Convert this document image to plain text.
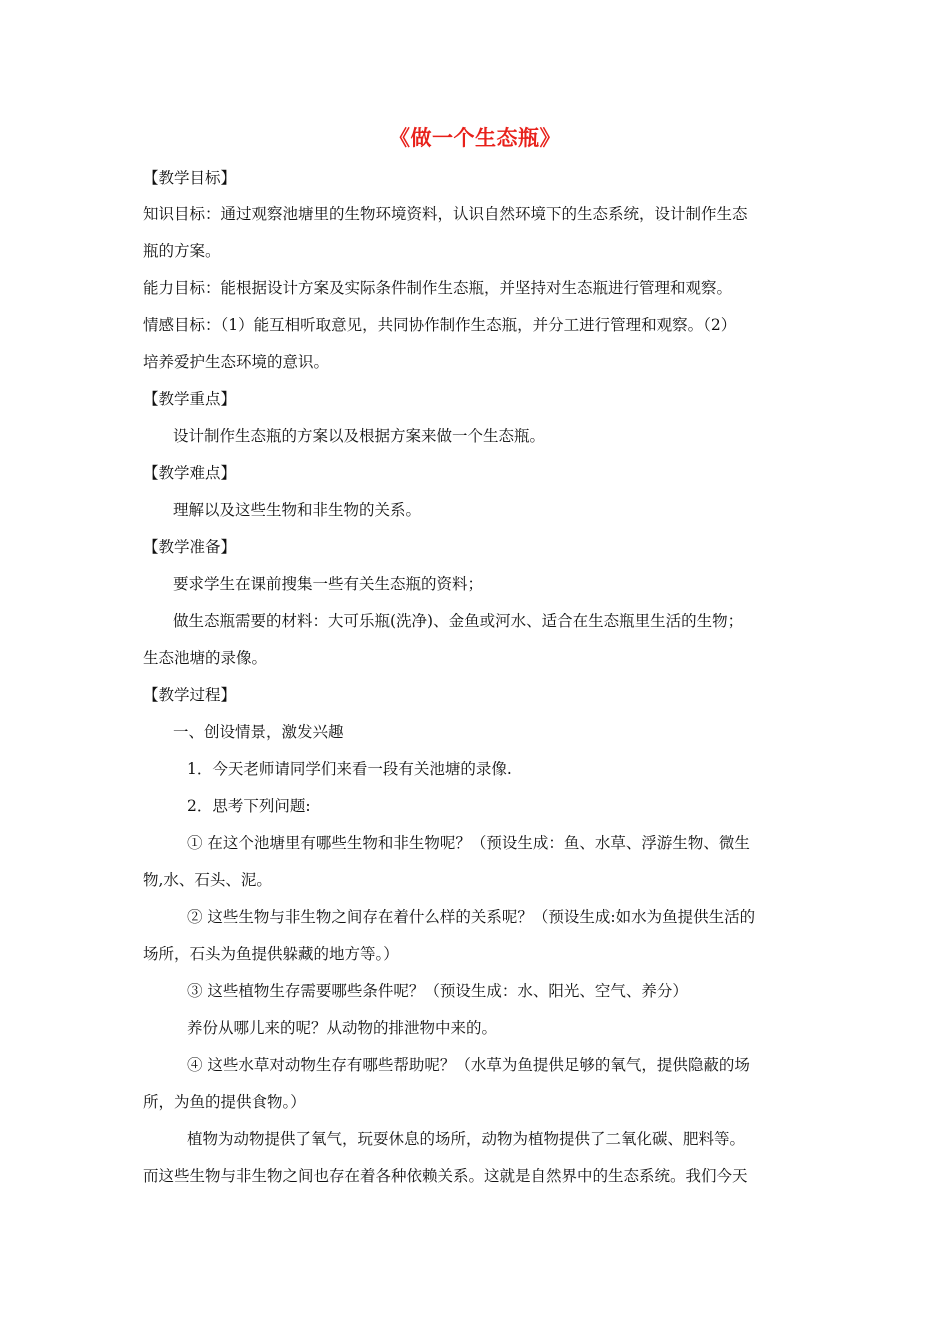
《做一个生态瓶》

【教学目标】

知识目标：通过观察池塘里的生物环境资料，认识自然环境下的生态系统，设计制作生态

瓶的方案。

能力目标：能根据设计方案及实际条件制作生态瓶，并坚持对生态瓶进行管理和观察。

情感目标：（1）能互相听取意见，共同协作制作生态瓶，并分工进行管理和观察。（2）

培养爱护生态环境的意识。

【教学重点】

设计制作生态瓶的方案以及根据方案来做一个生态瓶。

【教学难点】

理解以及这些生物和非生物的关系。

【教学准备】

要求学生在课前搜集一些有关生态瓶的资料；

做生态瓶需要的材料：大可乐瓶(洗净)、金鱼或河水、适合在生态瓶里生活的生物；

生态池塘的录像。

【教学过程】

一、创设情景，激发兴趣

1．今天老师请同学们来看一段有关池塘的录像.

2．思考下列问题:

① 在这个池塘里有哪些生物和非生物呢？（预设生成：鱼、水草、浮游生物、微生

物,水、石头、泥。

② 这些生物与非生物之间存在着什么样的关系呢？（预设生成:如水为鱼提供生活的

场所，石头为鱼提供躲藏的地方等。）

③ 这些植物生存需要哪些条件呢？（预设生成：水、阳光、空气、养分）

养份从哪儿来的呢？从动物的排泄物中来的。

④ 这些水草对动物生存有哪些帮助呢？（水草为鱼提供足够的氧气，提供隐蔽的场

所，为鱼的提供食物。）

植物为动物提供了氧气，玩耍休息的场所，动物为植物提供了二氧化碳、肥料等。

而这些生物与非生物之间也存在着各种依赖关系。这就是自然界中的生态系统。我们今天
